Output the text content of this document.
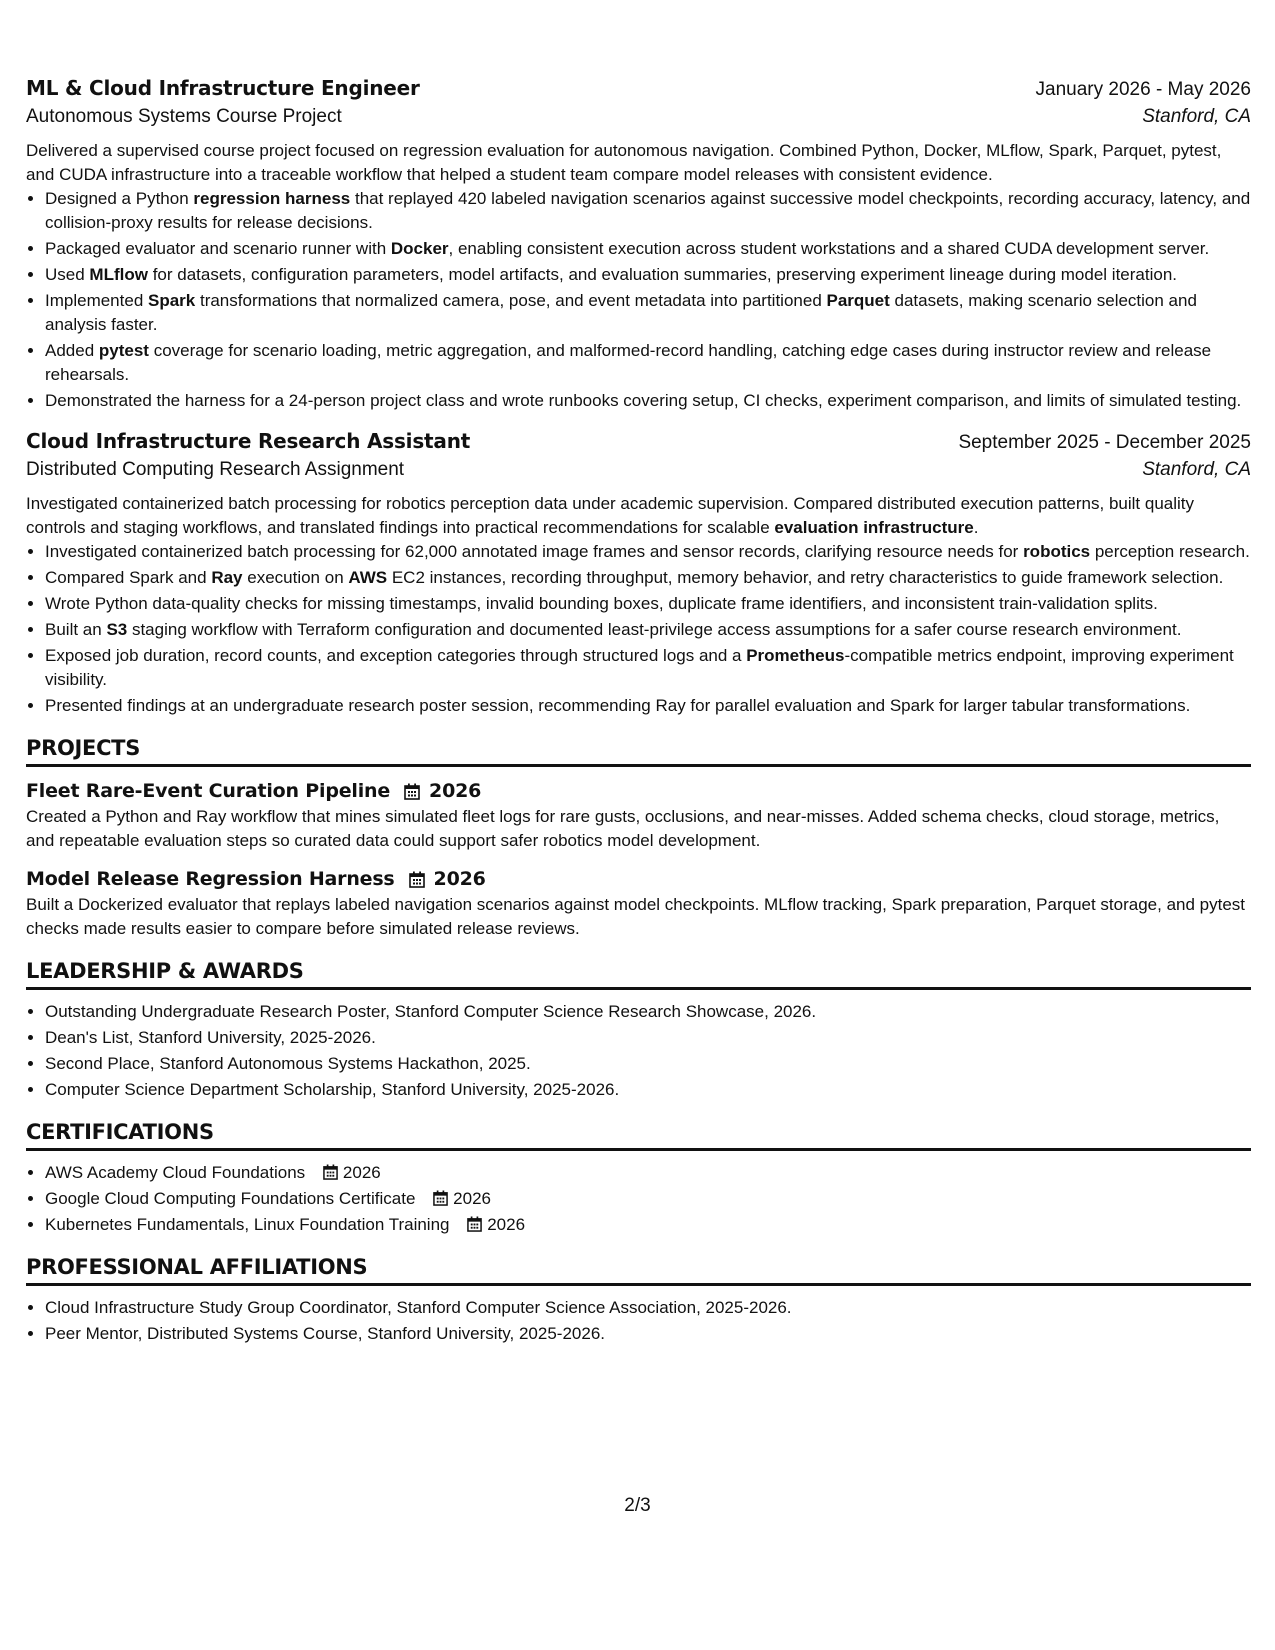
ML & Cloud Infrastructure Engineer	January 2026 - May 2026
Autonomous Systems Course Project	Stanford, CA
Delivered a supervised course project focused on regression evaluation for autonomous navigation. Combined Python, Docker, MLflow, Spark, Parquet, pytest, and CUDA infrastructure into a traceable workflow that helped a student team compare model releases with consistent evidence.
• Designed a Python regression harness that replayed 420 labeled navigation scenarios against successive model checkpoints, recording accuracy, latency, and collision-proxy results for release decisions.
• Packaged evaluator and scenario runner with Docker, enabling consistent execution across student workstations and a shared CUDA development server.
• Used MLflow for datasets, configuration parameters, model artifacts, and evaluation summaries, preserving experiment lineage during model iteration.
• Implemented Spark transformations that normalized camera, pose, and event metadata into partitioned Parquet datasets, making scenario selection and analysis faster.
• Added pytest coverage for scenario loading, metric aggregation, and malformed-record handling, catching edge cases during instructor review and release rehearsals.
• Demonstrated the harness for a 24-person project class and wrote runbooks covering setup, CI checks, experiment comparison, and limits of simulated testing.
Cloud Infrastructure Research Assistant	September 2025 - December 2025
Distributed Computing Research Assignment	Stanford, CA
Investigated containerized batch processing for robotics perception data under academic supervision. Compared distributed execution patterns, built quality controls and staging workflows, and translated findings into practical recommendations for scalable evaluation infrastructure.
• Investigated containerized batch processing for 62,000 annotated image frames and sensor records, clarifying resource needs for robotics perception research.
• Compared Spark and Ray execution on AWS EC2 instances, recording throughput, memory behavior, and retry characteristics to guide framework selection.
• Wrote Python data-quality checks for missing timestamps, invalid bounding boxes, duplicate frame identifiers, and inconsistent train-validation splits.
• Built an S3 staging workflow with Terraform configuration and documented least-privilege access assumptions for a safer course research environment.
• Exposed job duration, record counts, and exception categories through structured logs and a Prometheus-compatible metrics endpoint, improving experiment visibility.
• Presented findings at an undergraduate research poster session, recommending Ray for parallel evaluation and Spark for larger tabular transformations.
PROJECTS
Fleet Rare-Event Curation Pipeline 2026
Created a Python and Ray workflow that mines simulated fleet logs for rare gusts, occlusions, and near-misses. Added schema checks, cloud storage, metrics, and repeatable evaluation steps so curated data could support safer robotics model development.
Model Release Regression Harness 2026
Built a Dockerized evaluator that replays labeled navigation scenarios against model checkpoints. MLflow tracking, Spark preparation, Parquet storage, and pytest checks made results easier to compare before simulated release reviews.
LEADERSHIP & AWARDS
• Outstanding Undergraduate Research Poster, Stanford Computer Science Research Showcase, 2026.
• Dean's List, Stanford University, 2025-2026.
• Second Place, Stanford Autonomous Systems Hackathon, 2025.
• Computer Science Department Scholarship, Stanford University, 2025-2026.
CERTIFICATIONS
• AWS Academy Cloud Foundations 2026
• Google Cloud Computing Foundations Certificate 2026
• Kubernetes Fundamentals, Linux Foundation Training 2026
PROFESSIONAL AFFILIATIONS
• Cloud Infrastructure Study Group Coordinator, Stanford Computer Science Association, 2025-2026.
• Peer Mentor, Distributed Systems Course, Stanford University, 2025-2026.
2/3
